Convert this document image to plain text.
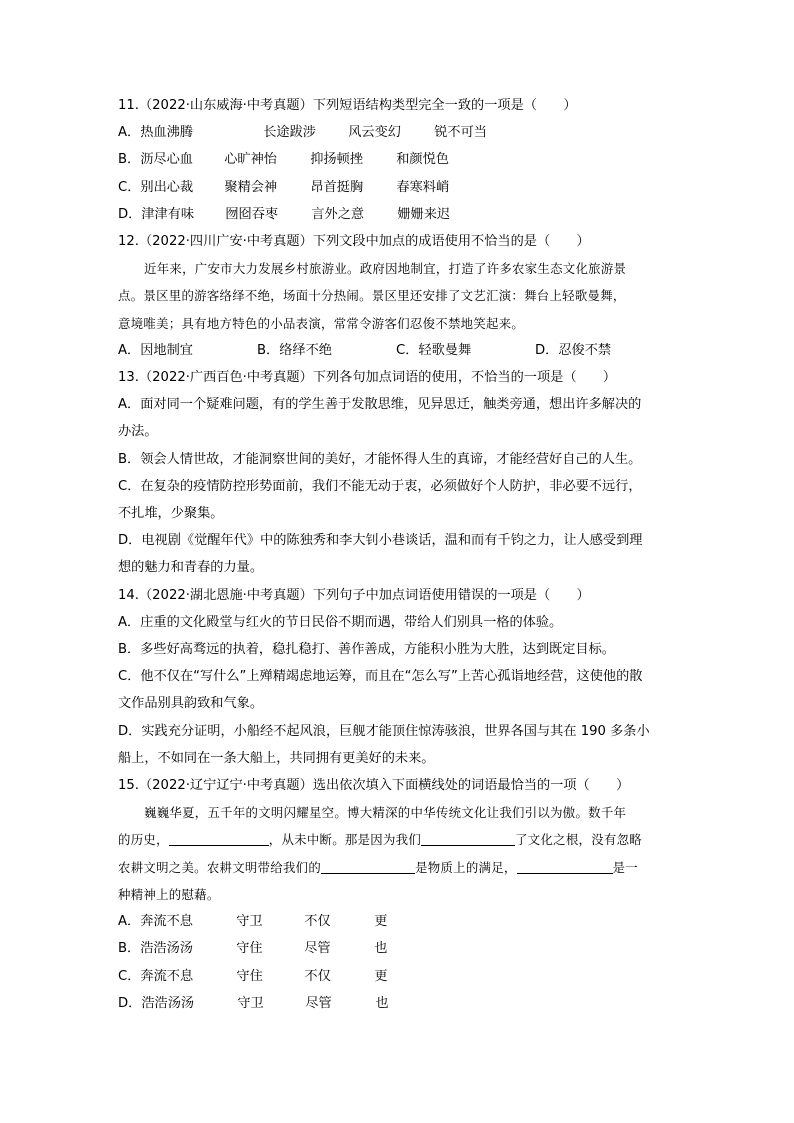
11.（2022·山东威海·中考真题）下列短语结构类型完全一致的一项是（　　）
A．热血沸腾	长途跋涉 风云变幻	锐不可当
B．沥尽心血 心旷神怡	抑扬顿挫	和颜悦色
C．别出心裁 聚精会神	昂首挺胸	春寒料峭
D．津津有味 囫囵吞枣	言外之意	姗姗来迟
12.（2022·四川广安·中考真题）下列文段中加点的成语使用不恰当的是（　　）
近年来，广安市大力发展乡村旅游业。政府因地制宜，打造了许多农家生态文化旅游景
点。景区里的游客络绎不绝，场面十分热闹。景区里还安排了文艺汇演：舞台上轻歌曼舞，
意境唯美；具有地方特色的小品表演，常常令游客们忍俊不禁地笑起来。
A．因地制宜	B．络绎不绝	C．轻歌曼舞	D．忍俊不禁
13.（2022·广西百色·中考真题）下列各句加点词语的使用，不恰当的一项是（　　）
A．面对同一个疑难问题，有的学生善于发散思维，见异思迁，触类旁通，想出许多解决的
办法。
B．领会人情世故，才能洞察世间的美好，才能怀得人生的真谛，才能经营好自己的人生。
C．在复杂的疫情防控形势面前，我们不能无动于衷，必须做好个人防护，非必要不远行，
不扎堆，少聚集。
D．电视剧《觉醒年代》中的陈独秀和李大钊小巷谈话，温和而有千钧之力，让人感受到理
想的魅力和青春的力量。
14.（2022·湖北恩施·中考真题）下列句子中加点词语使用错误的一项是（　　）
A．庄重的文化殿堂与红火的节日民俗不期而遇，带给人们别具一格的体验。
B．多些好高骛远的执着，稳扎稳打、善作善成，方能积小胜为大胜，达到既定目标。
C．他不仅在“写什么”上殚精竭虑地运筹，而且在“怎么写”上苦心孤诣地经营，这使他的散
文作品别具韵致和气象。
D．实践充分证明，小船经不起风浪，巨舰才能顶住惊涛骇浪，世界各国与其在 190 多条小
船上，不如同在一条大船上，共同拥有更美好的未来。
15.（2022·辽宁辽宁·中考真题）选出依次填入下面横线处的词语最恰当的一项（　　）
巍巍华夏，五千年的文明闪耀星空。博大精深的中华传统文化让我们引以为傲。数千年
的历史，	，从未中断。那是因为我们	了文化之根，没有忽略
农耕文明之美。农耕文明带给我们的	是物质上的满足，	是一
种精神上的慰藉。
A．奔流不息	守卫	不仅	更
B．浩浩汤汤	守住	尽管	也
C．奔流不息	守住	不仅	更
D．浩浩汤汤	守卫	尽管	也
